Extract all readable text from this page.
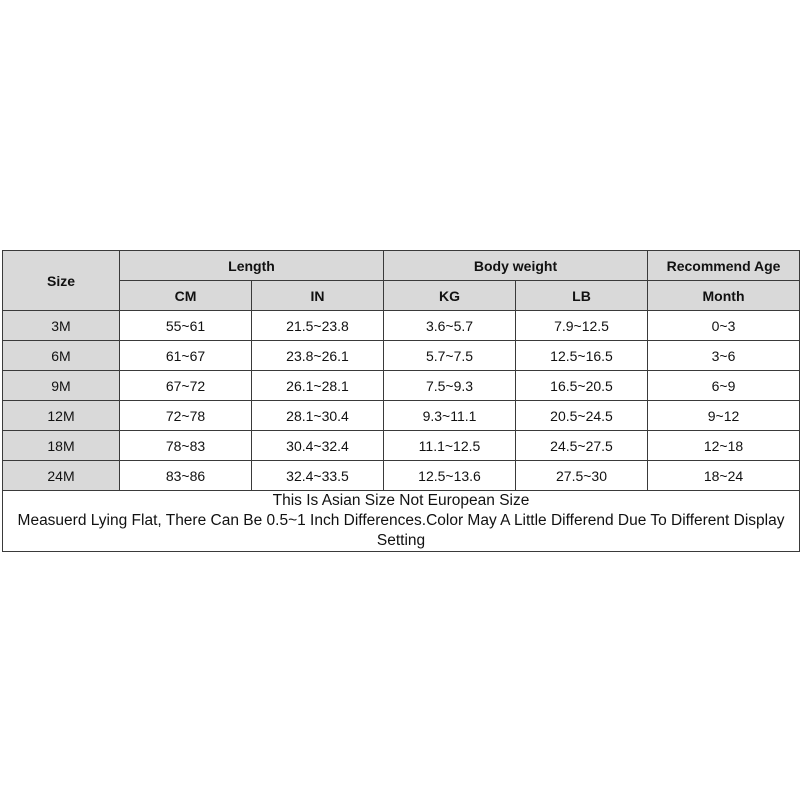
Size	Length		Body weight		Recommend Age
	CM	IN	KG	LB	Month
3M	55~61	21.5~23.8	3.6~5.7	7.9~12.5	0~3
6M	61~67	23.8~26.1	5.7~7.5	12.5~16.5	3~6
9M	67~72	26.1~28.1	7.5~9.3	16.5~20.5	6~9
12M	72~78	28.1~30.4	9.3~11.1	20.5~24.5	9~12
18M	78~83	30.4~32.4	11.1~12.5	24.5~27.5	12~18
24M	83~86	32.4~33.5	12.5~13.6	27.5~30	18~24

This Is Asian Size Not European Size
Measuerd Lying Flat, There Can Be 0.5~1 Inch Differences.Color May A Little Differend Due To Different Display Setting					
